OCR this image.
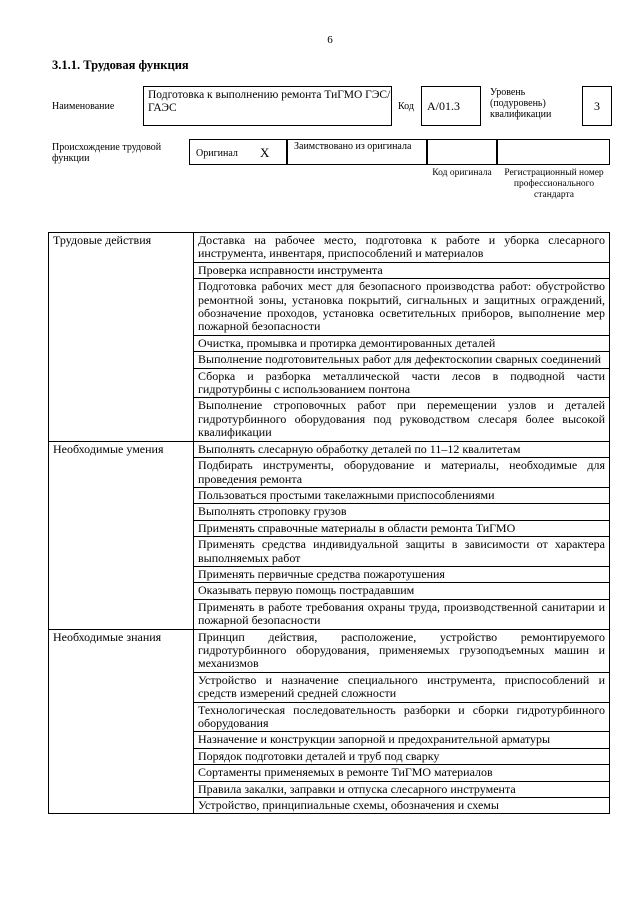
6
3.1.1. Трудовая функция
Наименование
Подготовка к выполнению ремонта ТиГМО ГЭС/ГАЭС	Код	А/01.3
Уровень (подуровень) квалификации
3
Происхождение трудовой функции	Оригинал Х Заимствовано из оригинала
Код оригинала	Регистрационный номер профессионального стандарта
Трудовые действия	Доставка на рабочее место, подготовка к работе и уборка слесарного инструмента, инвентаря, приспособлений и материалов
	Проверка исправности инструмента
	Подготовка рабочих мест для безопасного производства работ: обустройство ремонтной зоны, установка покрытий, сигнальных и защитных ограждений, обозначение проходов, установка осветительных приборов, выполнение мер пожарной безопасности
	Очистка, промывка и протирка демонтированных деталей
	Выполнение подготовительных работ для дефектоскопии сварных соединений
	Сборка и разборка металлической части лесов в подводной части гидротурбины с использованием понтона
	Выполнение строповочных работ при перемещении узлов и деталей гидротурбинного оборудования под руководством слесаря более высокой квалификации
Необходимые умения	Выполнять слесарную обработку деталей по 11–12 квалитетам
	Подбирать инструменты, оборудование и материалы, необходимые для проведения ремонта
	Пользоваться простыми такелажными приспособлениями
	Выполнять строповку грузов
	Применять справочные материалы в области ремонта ТиГМО
	Применять средства индивидуальной защиты в зависимости от характера выполняемых работ
	Применять первичные средства пожаротушения
	Оказывать первую помощь пострадавшим
	Применять в работе требования охраны труда, производственной санитарии и пожарной безопасности
Необходимые знания	Принцип действия, расположение, устройство ремонтируемого гидротурбинного оборудования, применяемых грузоподъемных машин и механизмов
	Устройство и назначение специального инструмента, приспособлений и средств измерений средней сложности
	Технологическая последовательность разборки и сборки гидротурбинного оборудования
	Назначение и конструкции запорной и предохранительной арматуры
	Порядок подготовки деталей и труб под сварку
	Сортаменты применяемых в ремонте ТиГМО материалов
	Правила закалки, заправки и отпуска слесарного инструмента
	Устройство, принципиальные схемы, обозначения и схемы
